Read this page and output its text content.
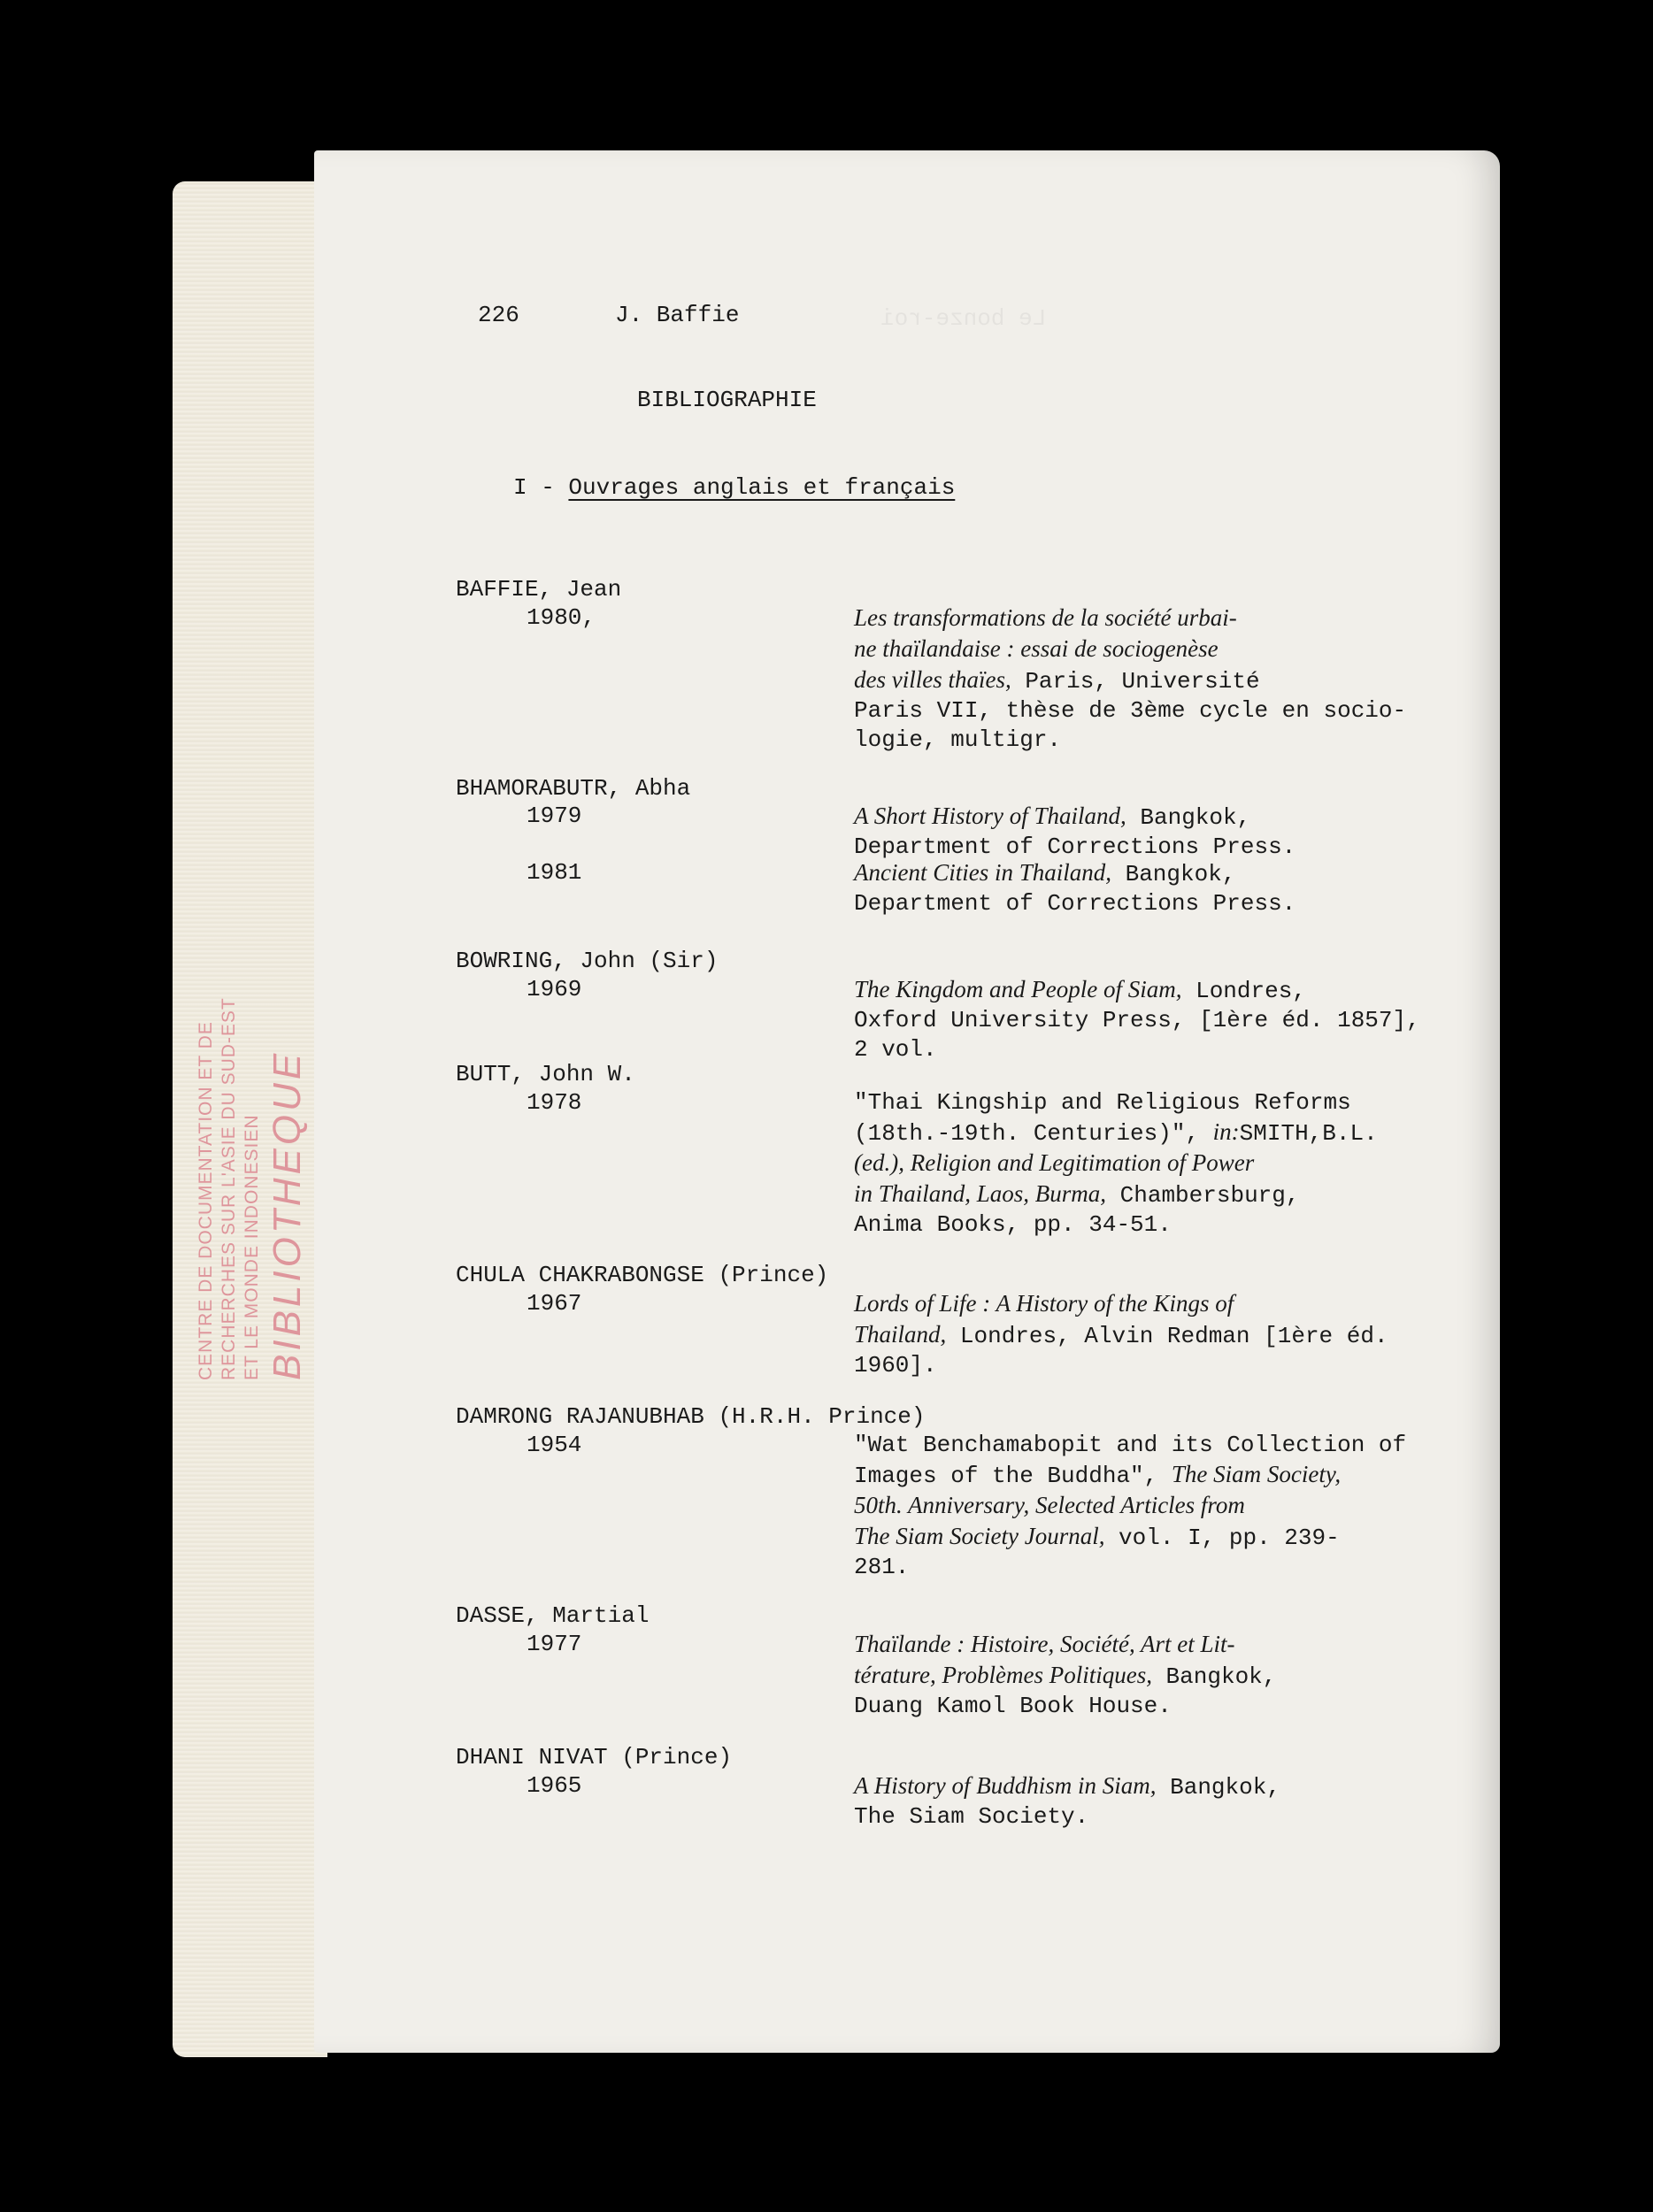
CENTRE DE DOCUMENTATION ET DE RECHERCHES SUR L'ASIE DU SUD-EST ET LE MONDE INDONESIEN BIBLIOTHEQUE
Le bonze-roi
226	J. Baffie
BIBLIOGRAPHIE
I - Ouvrages anglais et français
BAFFIE, Jean
1980,	Les transformations de la société urbai-
ne thaïlandaise : essai de sociogenèse
des villes thaïes, Paris, Université
Paris VII, thèse de 3ème cycle en socio-
logie, multigr.
BHAMORABUTR, Abha
1979	A Short History of Thailand, Bangkok,
Department of Corrections Press.
1981	Ancient Cities in Thailand, Bangkok,
Department of Corrections Press.
BOWRING, John (Sir)
1969	The Kingdom and People of Siam, Londres,
Oxford University Press, [1ère éd. 1857],
2 vol.
BUTT, John W.
1978	"Thai Kingship and Religious Reforms
(18th.-19th. Centuries)", in:SMITH,B.L.
(ed.), Religion and Legitimation of Power
in Thailand, Laos, Burma, Chambersburg,
Anima Books, pp. 34-51.
CHULA CHAKRABONGSE (Prince)
1967	Lords of Life : A History of the Kings of
Thailand, Londres, Alvin Redman [1ère éd.
1960].
DAMRONG RAJANUBHAB (H.R.H. Prince)
1954	"Wat Benchamabopit and its Collection of
Images of the Buddha", The Siam Society,
50th. Anniversary, Selected Articles from
The Siam Society Journal, vol. I, pp. 239-
281.
DASSE, Martial
1977	Thaïlande : Histoire, Société, Art et Lit-
térature, Problèmes Politiques, Bangkok,
Duang Kamol Book House.
DHANI NIVAT (Prince)
1965	A History of Buddhism in Siam, Bangkok,
The Siam Society.
